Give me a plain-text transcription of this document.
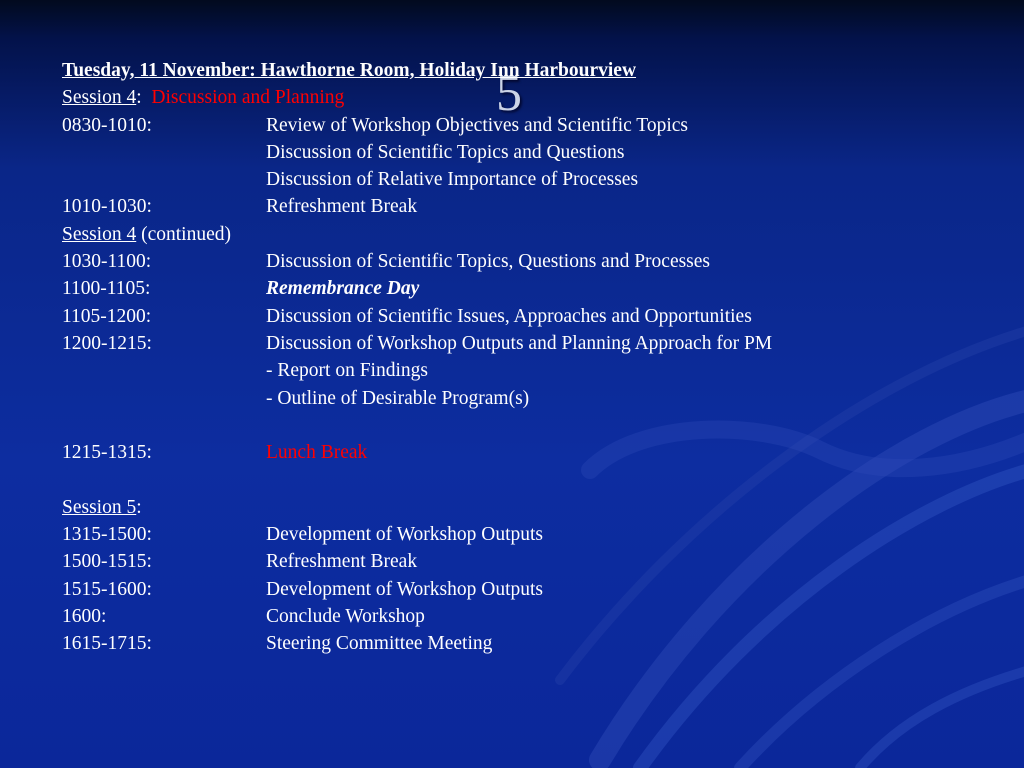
5
Tuesday, 11 November: Hawthorne Room, Holiday Inn Harbourview
Session 4: Discussion and Planning
0830-1010:	Review of Workshop Objectives and Scientific Topics
Discussion of Scientific Topics and Questions
Discussion of Relative Importance of Processes
1010-1030:	Refreshment Break
Session 4 (continued)
1030-1100:	Discussion of Scientific Topics, Questions and Processes
1100-1105:	Remembrance Day
1105-1200:	Discussion of Scientific Issues, Approaches and Opportunities
1200-1215:	Discussion of Workshop Outputs and Planning Approach for PM
- Report on Findings
- Outline of Desirable Program(s)
1215-1315:	Lunch Break
Session 5:
1315-1500:	Development of Workshop Outputs
1500-1515:	Refreshment Break
1515-1600:	Development of Workshop Outputs
1600:	Conclude Workshop
1615-1715:	Steering Committee Meeting
